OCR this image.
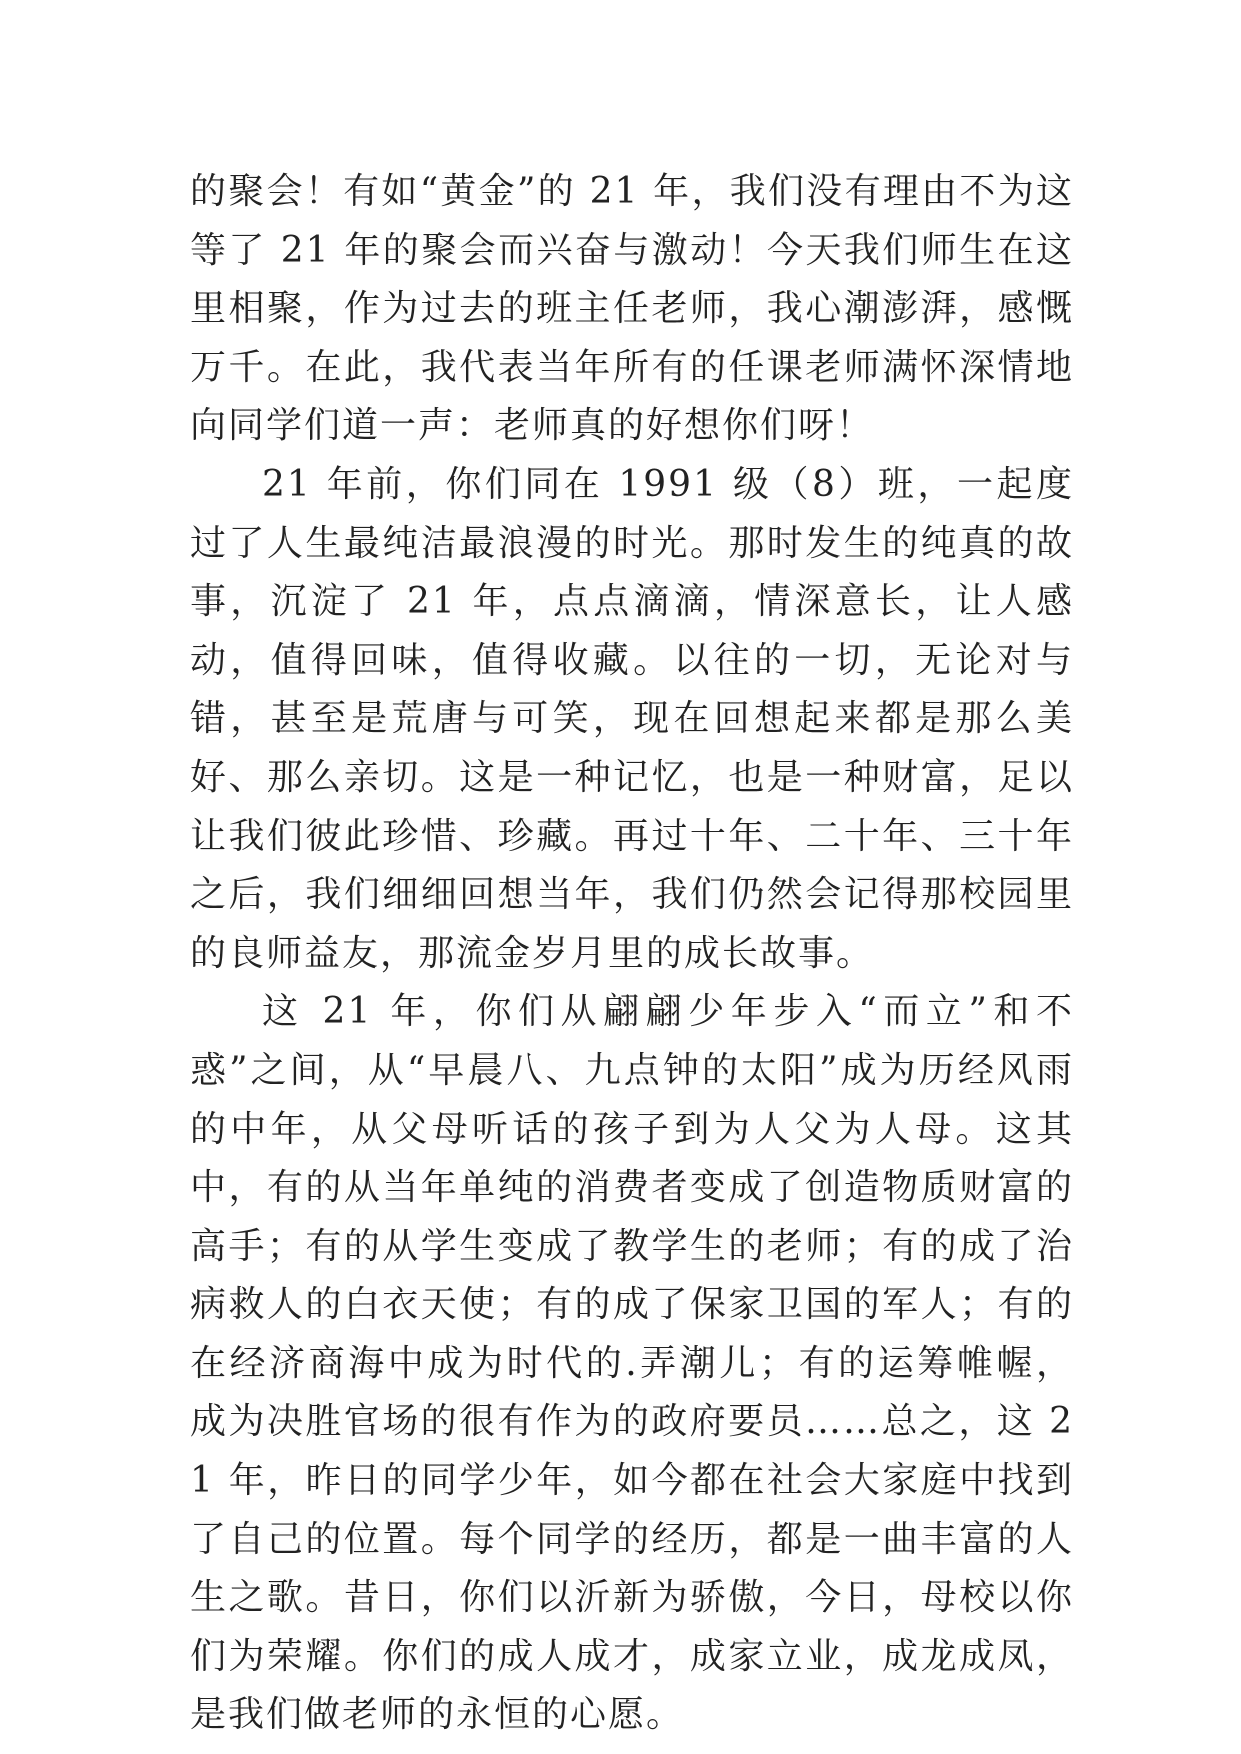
的聚会！有如“黄金”的 21 年，我们没有理由不为这等了 21 年的聚会而兴奋与激动！今天我们师生在这里相聚，作为过去的班主任老师，我心潮澎湃，感慨万千。在此，我代表当年所有的任课老师满怀深情地向同学们道一声：老师真的好想你们呀！

21 年前，你们同在 1991 级（8）班，一起度过了人生最纯洁最浪漫的时光。那时发生的纯真的故事，沉淀了 21 年，点点滴滴，情深意长，让人感动，值得回味，值得收藏。以往的一切，无论对与错，甚至是荒唐与可笑，现在回想起来都是那么美好、那么亲切。这是一种记忆，也是一种财富，足以让我们彼此珍惜、珍藏。再过十年、二十年、三十年之后，我们细细回想当年，我们仍然会记得那校园里的良师益友，那流金岁月里的成长故事。

这 21 年，你们从翩翩少年步入“而立”和不惑”之间，从“早晨八、九点钟的太阳”成为历经风雨的中年，从父母听话的孩子到为人父为人母。这其中，有的从当年单纯的消费者变成了创造物质财富的高手；有的从学生变成了教学生的老师；有的成了治病救人的白衣天使；有的成了保家卫国的军人；有的在经济商海中成为时代的.弄潮儿；有的运筹帷幄，成为决胜官场的很有作为的政府要员……总之，这 21 年，昨日的同学少年，如今都在社会大家庭中找到了自己的位置。每个同学的经历，都是一曲丰富的人生之歌。昔日，你们以沂新为骄傲，今日，母校以你们为荣耀。你们的成人成才，成家立业，成龙成凤，是我们做老师的永恒的心愿。
